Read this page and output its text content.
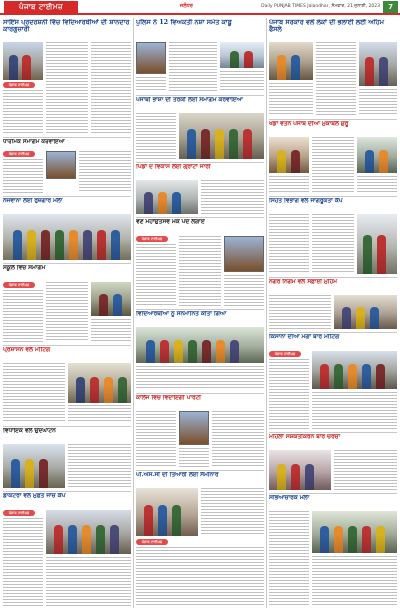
ਪੰਜਾਬ ਟਾਈਮਜ਼	ਜਲੰਧਰ	Daily PUNJAB TIMES Jalandhar, ਸੋਮਵਾਰ, 21 ਜੁਲਾਈ, 2023	7
ਸਾਇੰਸ ਪ੍ਰਦਰਸ਼ਨੀ ਵਿੱਚ ਵਿਦਿਆਰਥੀਆਂ ਦੀ ਸ਼ਾਨਦਾਰ ਕਾਰਗੁਜ਼ਾਰੀ
ਪੰਜਾਬ ਟਾਈਮਜ਼
ਧਾਰਮਿਕ ਸਮਾਗਮ ਕਰਵਾਇਆ
ਪੰਜਾਬ ਟਾਈਮਜ਼
ਨੌਜਵਾਨਾਂ ਲਈ ਰੁਜ਼ਗਾਰ ਮੇਲਾ
ਸਕੂਲ ਵਿੱਚ ਸਮਾਗਮ
ਪੰਜਾਬ ਟਾਈਮਜ਼
ਪ੍ਰਸ਼ਾਸਨ ਵਲੋਂ ਮੀਟਿੰਗ
ਵਿਧਾਇਕ ਵਲੋਂ ਉਦਘਾਟਨ
ਡਾਕਟਰਾਂ ਵਲੋਂ ਮੁਫ਼ਤ ਜਾਂਚ ਕੈਂਪ
ਪੰਜਾਬ ਟਾਈਮਜ਼
ਪੁਲਿਸ ਨੇ 12 ਵਿਅਕਤੀ ਨਸ਼ਾ ਸਮੇਤ ਕਾਬੂ
ਪੰਜਾਬੀ ਭਾਸ਼ਾ ਦੀ ਤਰੱਕੀ ਲਈ ਸਮਾਗਮ ਕਰਵਾਇਆ
ਪਿੰਡਾਂ ਦੇ ਵਿਕਾਸ ਲਈ ਗ੍ਰਾਂਟਾਂ ਜਾਰੀ
ਵਣ ਮਹਾਂਉਤਸਵ ਮੌਕੇ ਪੌਦੇ ਲਗਾਏ
ਪੰਜਾਬ ਟਾਈਮਜ਼
ਵਿਦਿਆਰਥੀਆਂ ਨੂੰ ਸਨਮਾਨਿਤ ਕੀਤਾ ਗਿਆ
ਕਾਲਜ ਵਿੱਚ ਵਿਦਾਇਗੀ ਪਾਰਟੀ
ਪੀ.ਐਸ.ਸੀ ਦੀ ਤਿਆਰੀ ਲਈ ਸੈਮੀਨਾਰ
ਪੰਜਾਬ ਟਾਈਮਜ਼
ਪੰਜਾਬ ਸਰਕਾਰ ਵਲੋਂ ਲੋਕਾਂ ਦੀ ਭਲਾਈ ਲਈ ਅਹਿਮ ਫੈਸਲੇ
ਖੇਡਾਂ ਵਤਨ ਪੰਜਾਬ ਦੀਆਂ ਮੁਕਾਬਲੇ ਸ਼ੁਰੂ
ਸਿਹਤ ਵਿਭਾਗ ਵਲੋਂ ਜਾਗਰੂਕਤਾ ਕੈਂਪ
ਨਗਰ ਨਿਗਮ ਵਲੋਂ ਸਫ਼ਾਈ ਮੁਹਿੰਮ
ਕਿਸਾਨਾਂ ਦੀਆਂ ਮੰਗਾਂ ਬਾਰੇ ਮੀਟਿੰਗ
ਪੰਜਾਬ ਟਾਈਮਜ਼
ਮਹਿਲਾ ਸਸ਼ਕਤੀਕਰਨ ਬਾਰੇ ਚਰਚਾ
ਸਭਿਆਚਾਰਕ ਮੇਲਾ
